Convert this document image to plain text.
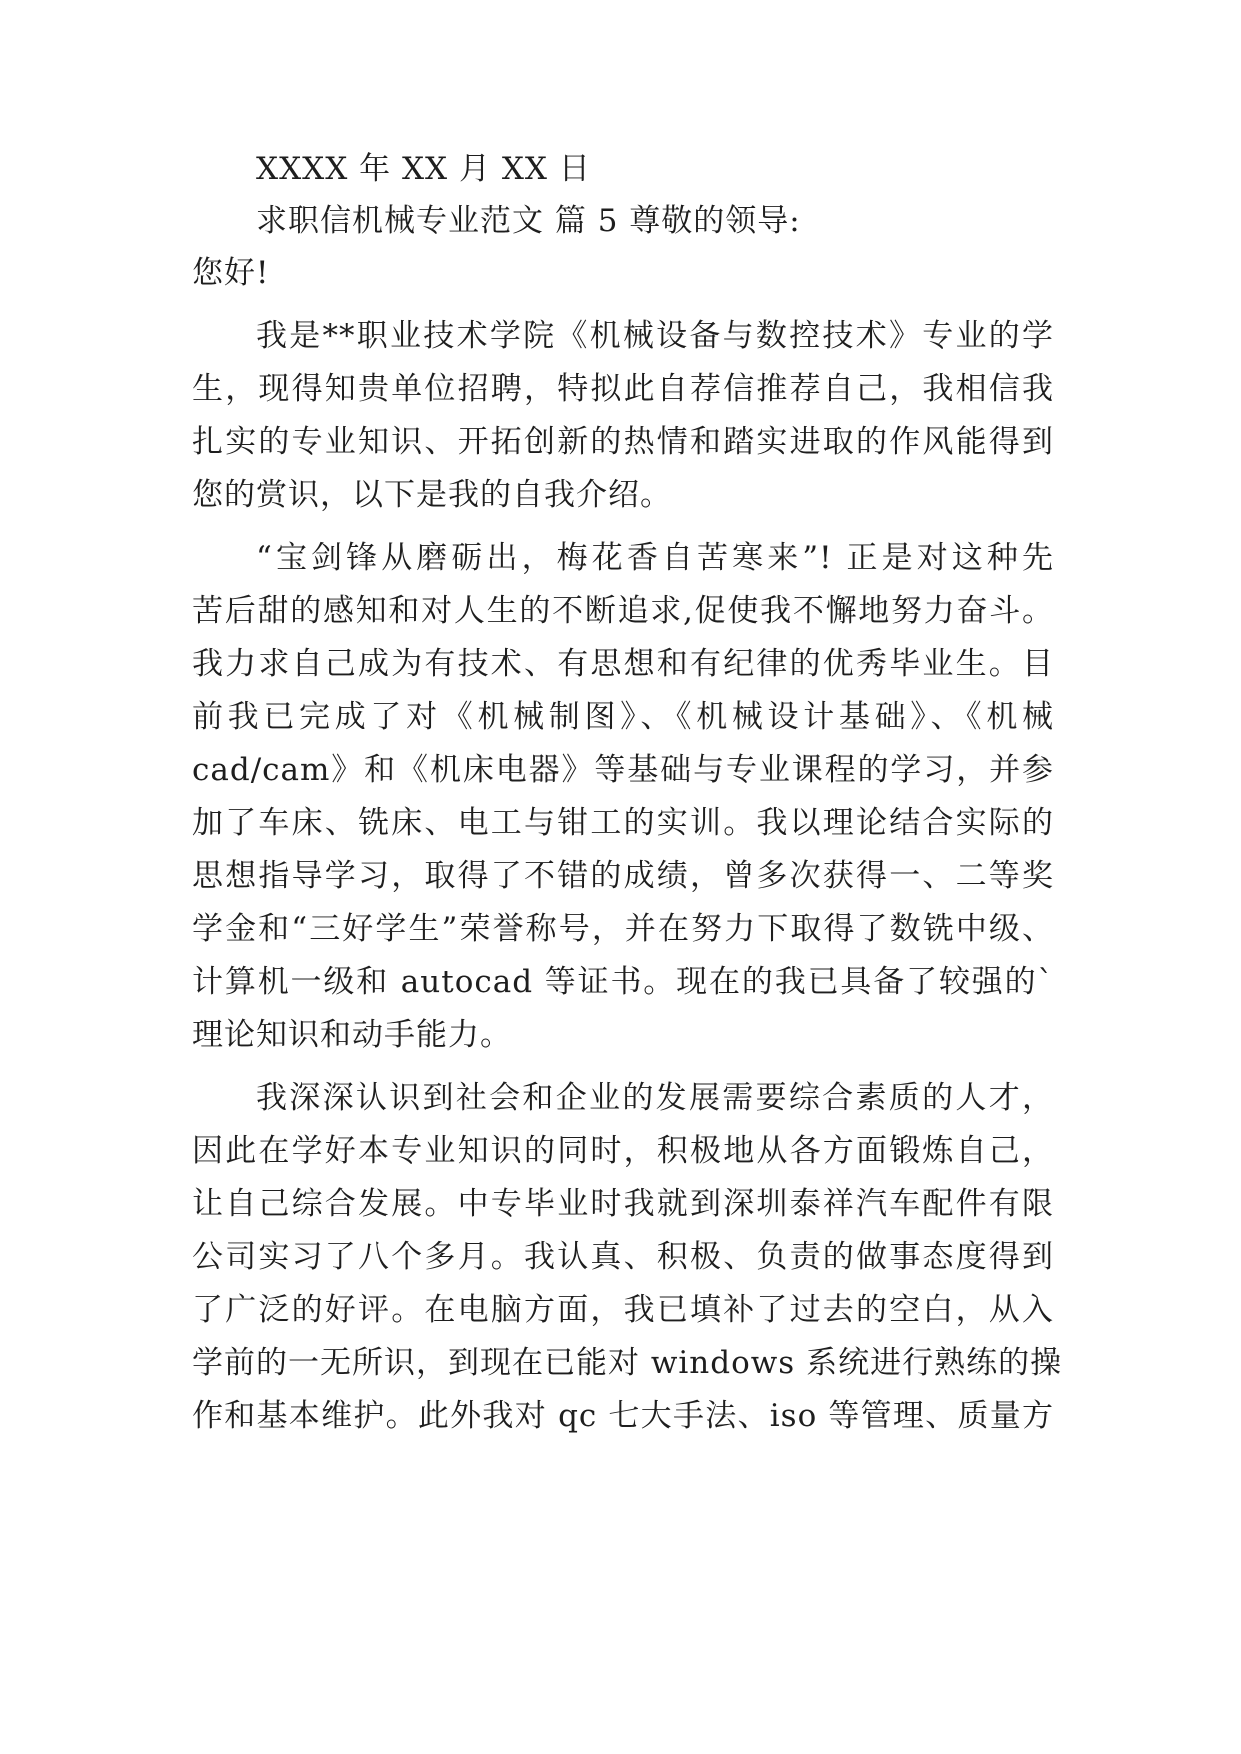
XXXX 年 XX 月 XX 日
求职信机械专业范文 篇 5 尊敬的领导:
您好!
我是**职业技术学院《机械设备与数控技术》专业的学
生，现得知贵单位招聘，特拟此自荐信推荐自己，我相信我
扎实的专业知识、开拓创新的热情和踏实进取的作风能得到
您的赏识，以下是我的自我介绍。
“宝剑锋从磨砺出，梅花香自苦寒来”! 正是对这种先
苦后甜的感知和对人生的不断追求,促使我不懈地努力奋斗。
我力求自己成为有技术、有思想和有纪律的优秀毕业生。目
前我已完成了对《机械制图》、《机械设计基础》、《机械
cad/cam》和《机床电器》等基础与专业课程的学习，并参
加了车床、铣床、电工与钳工的实训。我以理论结合实际的
思想指导学习，取得了不错的成绩，曾多次获得一、二等奖
学金和“三好学生”荣誉称号，并在努力下取得了数铣中级、
计算机一级和 autocad 等证书。现在的我已具备了较强的`
理论知识和动手能力。
我深深认识到社会和企业的发展需要综合素质的人才，
因此在学好本专业知识的同时，积极地从各方面锻炼自己，
让自己综合发展。中专毕业时我就到深圳泰祥汽车配件有限
公司实习了八个多月。我认真、积极、负责的做事态度得到
了广泛的好评。在电脑方面，我已填补了过去的空白，从入
学前的一无所识，到现在已能对 windows 系统进行熟练的操
作和基本维护。此外我对 qc 七大手法、iso 等管理、质量方
